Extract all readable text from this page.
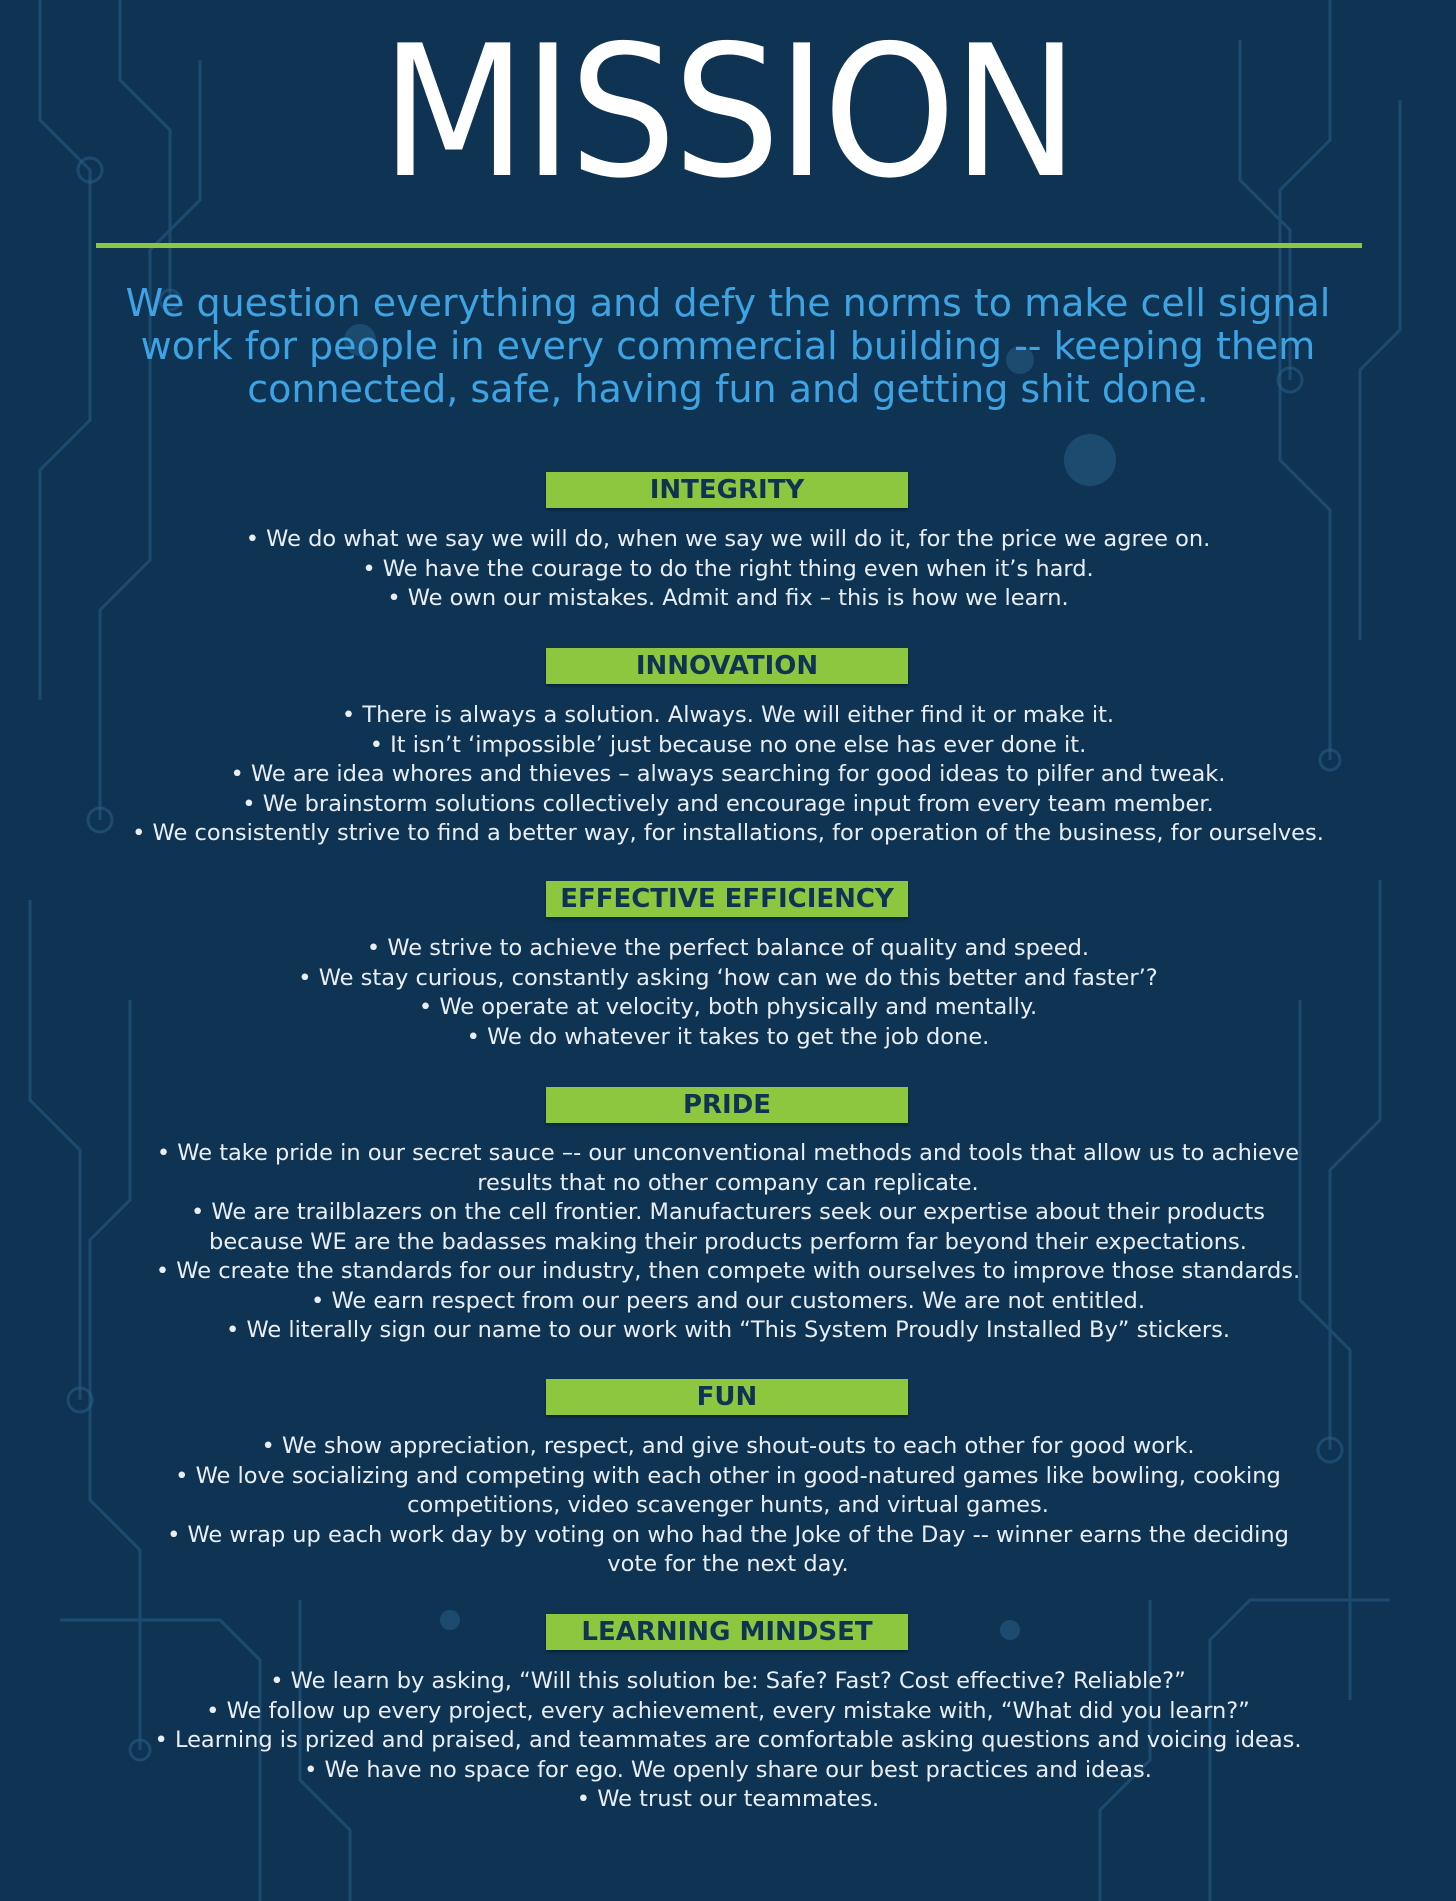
MISSION
We question everything and defy the norms to make cell signal work for people in every commercial building -- keeping them connected, safe, having fun and getting shit done.
INTEGRITY
• We do what we say we will do, when we say we will do it, for the price we agree on.
• We have the courage to do the right thing even when it’s hard.
• We own our mistakes. Admit and fix – this is how we learn.
INNOVATION
• There is always a solution. Always. We will either find it or make it.
• It isn’t ‘impossible’ just because no one else has ever done it.
• We are idea whores and thieves – always searching for good ideas to pilfer and tweak.
• We brainstorm solutions collectively and encourage input from every team member.
• We consistently strive to find a better way, for installations, for operation of the business, for ourselves.
EFFECTIVE EFFICIENCY
• We strive to achieve the perfect balance of quality and speed.
• We stay curious, constantly asking ‘how can we do this better and faster’?
• We operate at velocity, both physically and mentally.
• We do whatever it takes to get the job done.
PRIDE
• We take pride in our secret sauce –- our unconventional methods and tools that allow us to achieve results that no other company can replicate.
• We are trailblazers on the cell frontier. Manufacturers seek our expertise about their products because WE are the badasses making their products perform far beyond their expectations.
• We create the standards for our industry, then compete with ourselves to improve those standards.
• We earn respect from our peers and our customers. We are not entitled.
• We literally sign our name to our work with “This System Proudly Installed By” stickers.
FUN
• We show appreciation, respect, and give shout-outs to each other for good work.
• We love socializing and competing with each other in good-natured games like bowling, cooking competitions, video scavenger hunts, and virtual games.
• We wrap up each work day by voting on who had the Joke of the Day -- winner earns the deciding vote for the next day.
LEARNING MINDSET
• We learn by asking, “Will this solution be: Safe? Fast? Cost effective? Reliable?”
• We follow up every project, every achievement, every mistake with, “What did you learn?”
• Learning is prized and praised, and teammates are comfortable asking questions and voicing ideas.
• We have no space for ego. We openly share our best practices and ideas.
• We trust our teammates.
